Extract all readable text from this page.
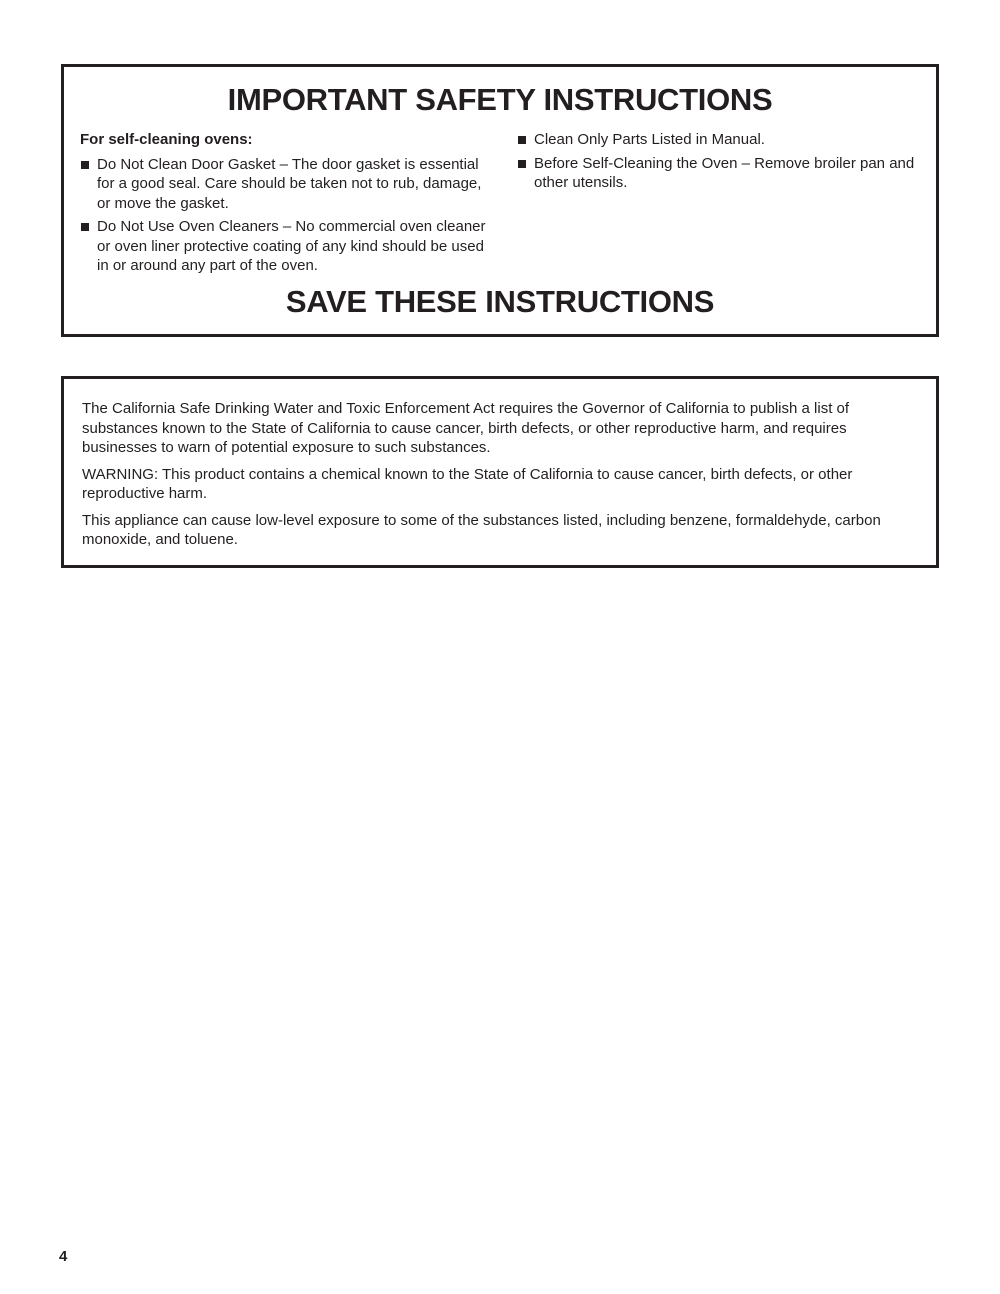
IMPORTANT SAFETY INSTRUCTIONS

For self-cleaning ovens:

Do Not Clean Door Gasket – The door gasket is essential for a good seal. Care should be taken not to rub, damage, or move the gasket.
Do Not Use Oven Cleaners – No commercial oven cleaner or oven liner protective coating of any kind should be used in or around any part of the oven.
Clean Only Parts Listed in Manual.
Before Self-Cleaning the Oven – Remove broiler pan and other utensils.
SAVE THESE INSTRUCTIONS

The California Safe Drinking Water and Toxic Enforcement Act requires the Governor of California to publish a list of substances known to the State of California to cause cancer, birth defects, or other reproductive harm, and requires businesses to warn of potential exposure to such substances.

WARNING: This product contains a chemical known to the State of California to cause cancer, birth defects, or other reproductive harm.

This appliance can cause low-level exposure to some of the substances listed, including benzene, formaldehyde, carbon monoxide, and toluene.

4
